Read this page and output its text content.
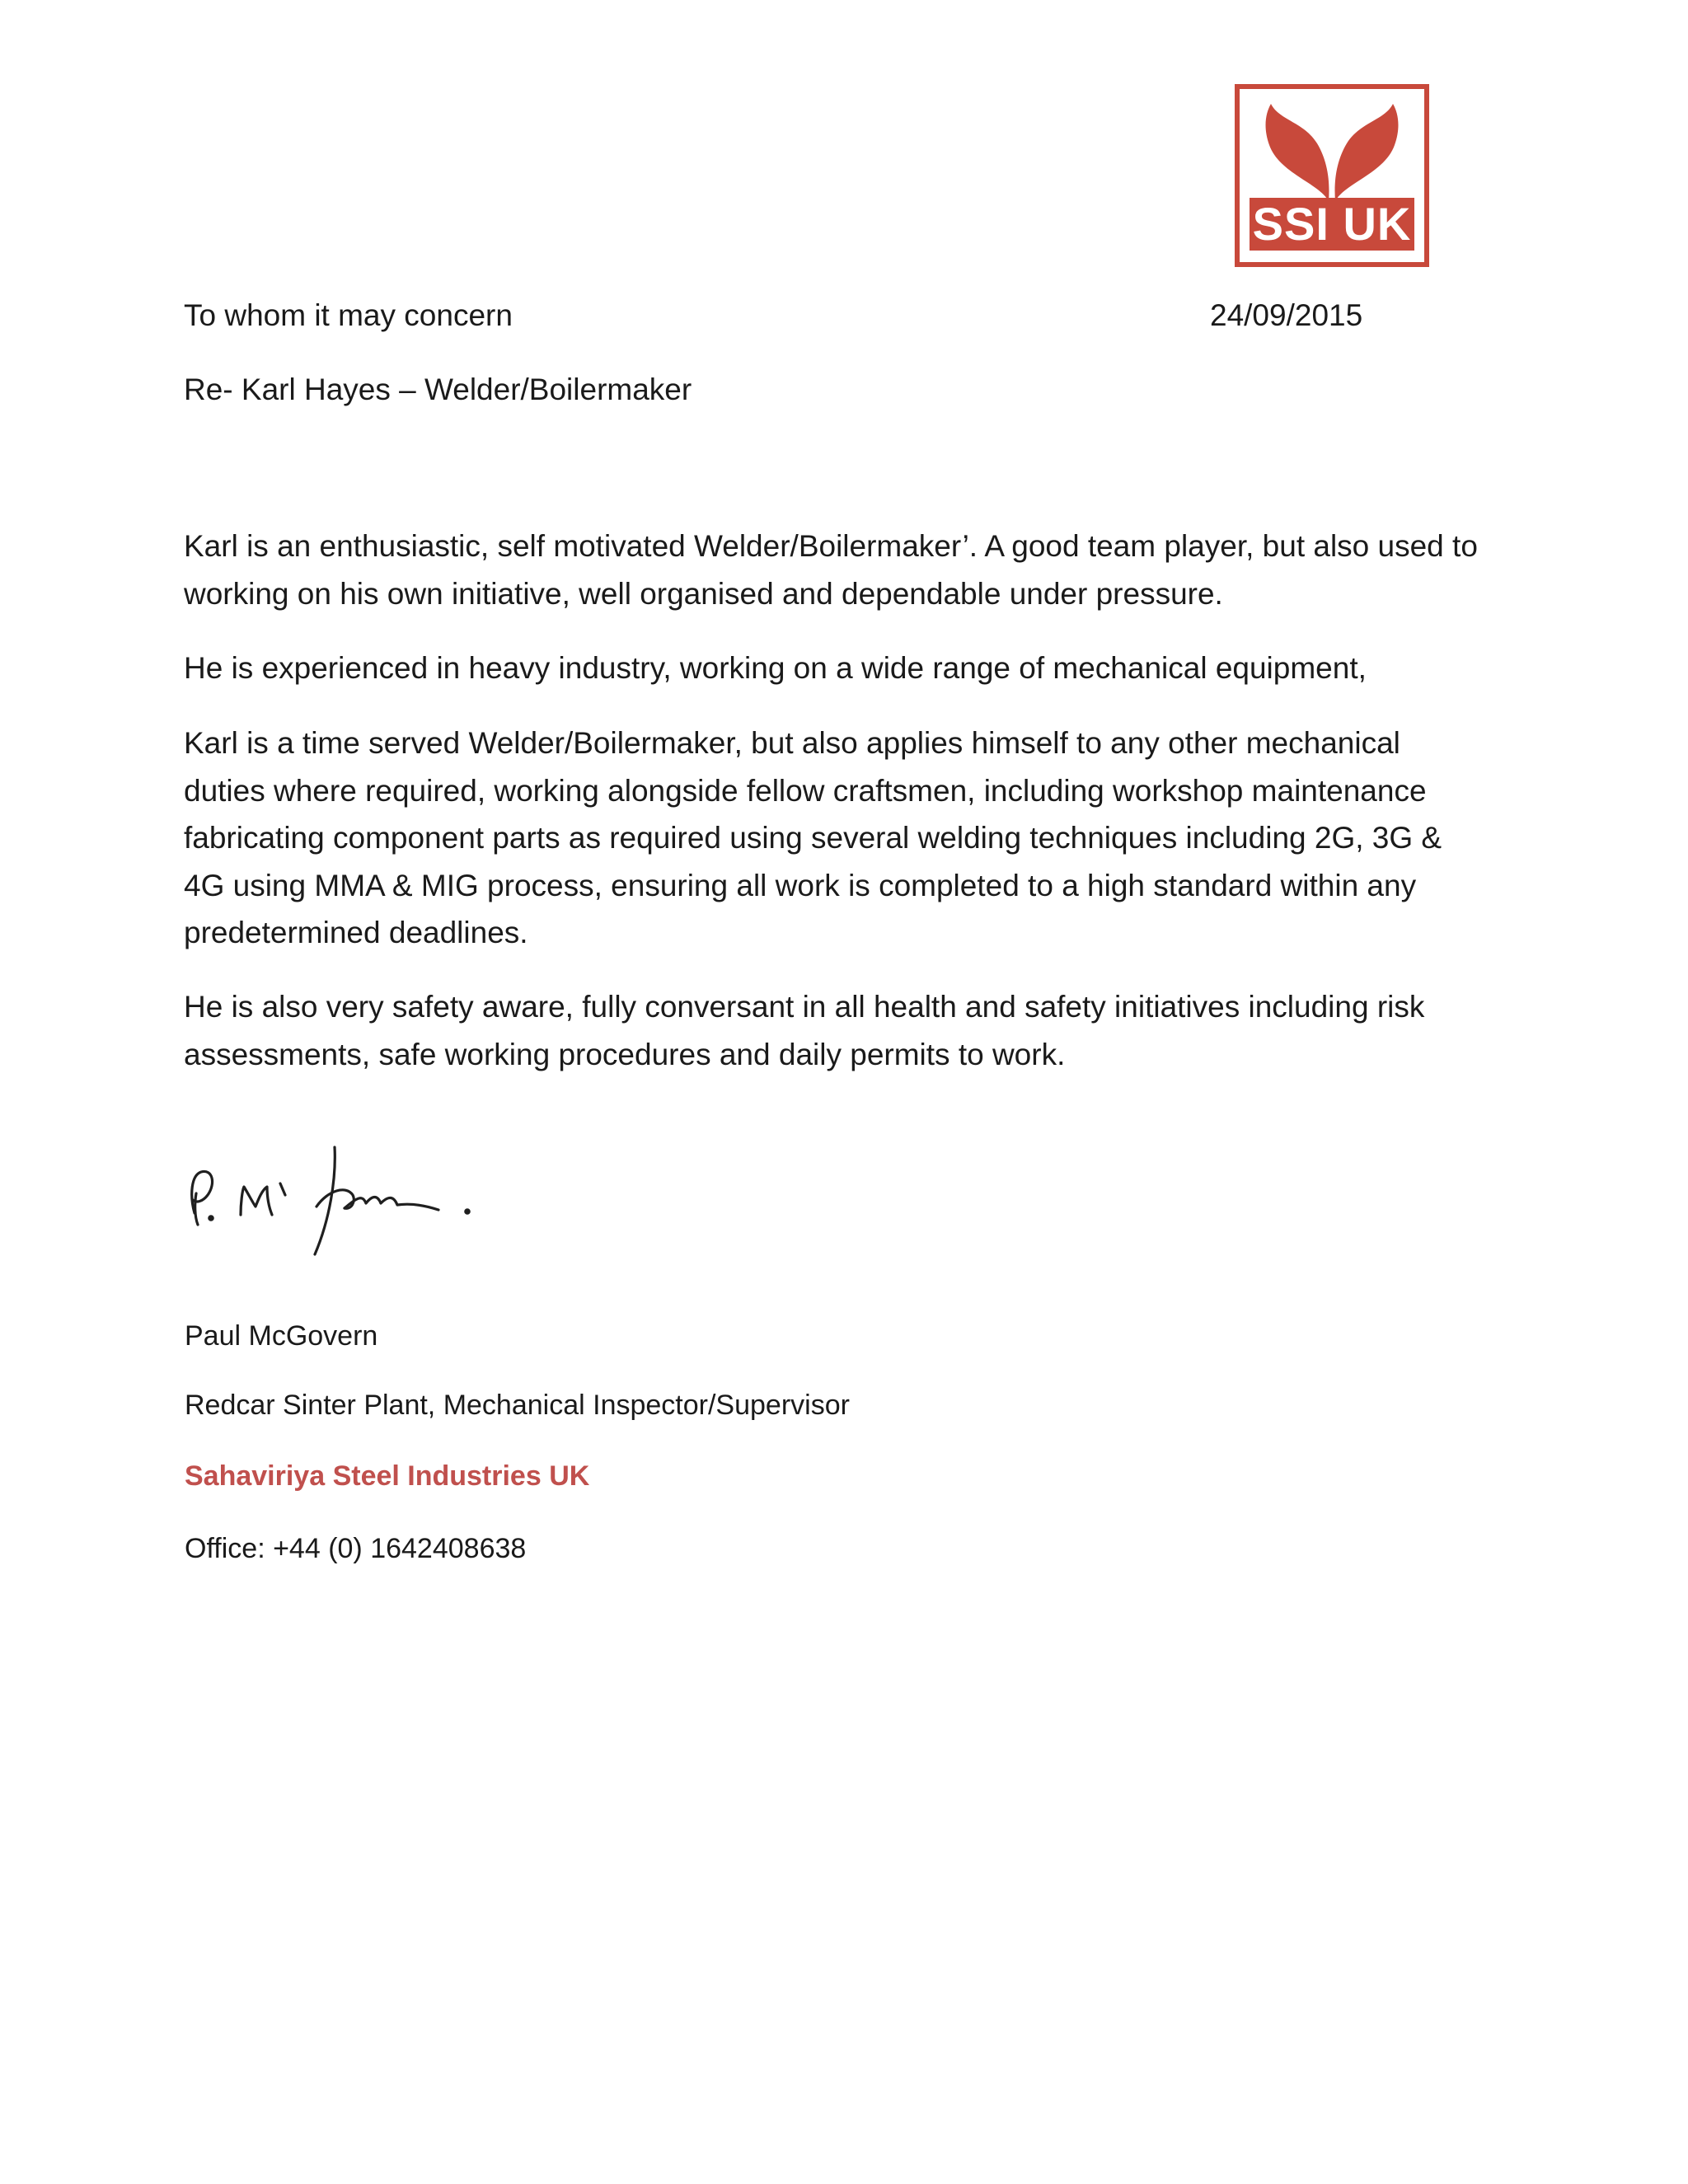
SSI UK
24/09/2015
To whom it may concern
Re- Karl Hayes – Welder/Boilermaker

Karl is an enthusiastic, self motivated Welder/Boilermaker’. A good team player, but also used to working on his own initiative, well organised and dependable under pressure.

He is experienced in heavy industry, working on a wide range of mechanical equipment,

Karl is a time served Welder/Boilermaker, but also applies himself to any other mechanical duties where required, working alongside fellow craftsmen, including workshop maintenance fabricating component parts as required using several welding techniques including 2G, 3G & 4G using MMA & MIG process, ensuring all work is completed to a high standard within any predetermined deadlines.

He is also very safety aware, fully conversant in all health and safety initiatives including risk assessments, safe working procedures and daily permits to work.

Paul McGovern
Redcar Sinter Plant, Mechanical Inspector/Supervisor
Sahaviriya Steel Industries UK
Office: +44 (0) 1642408638
